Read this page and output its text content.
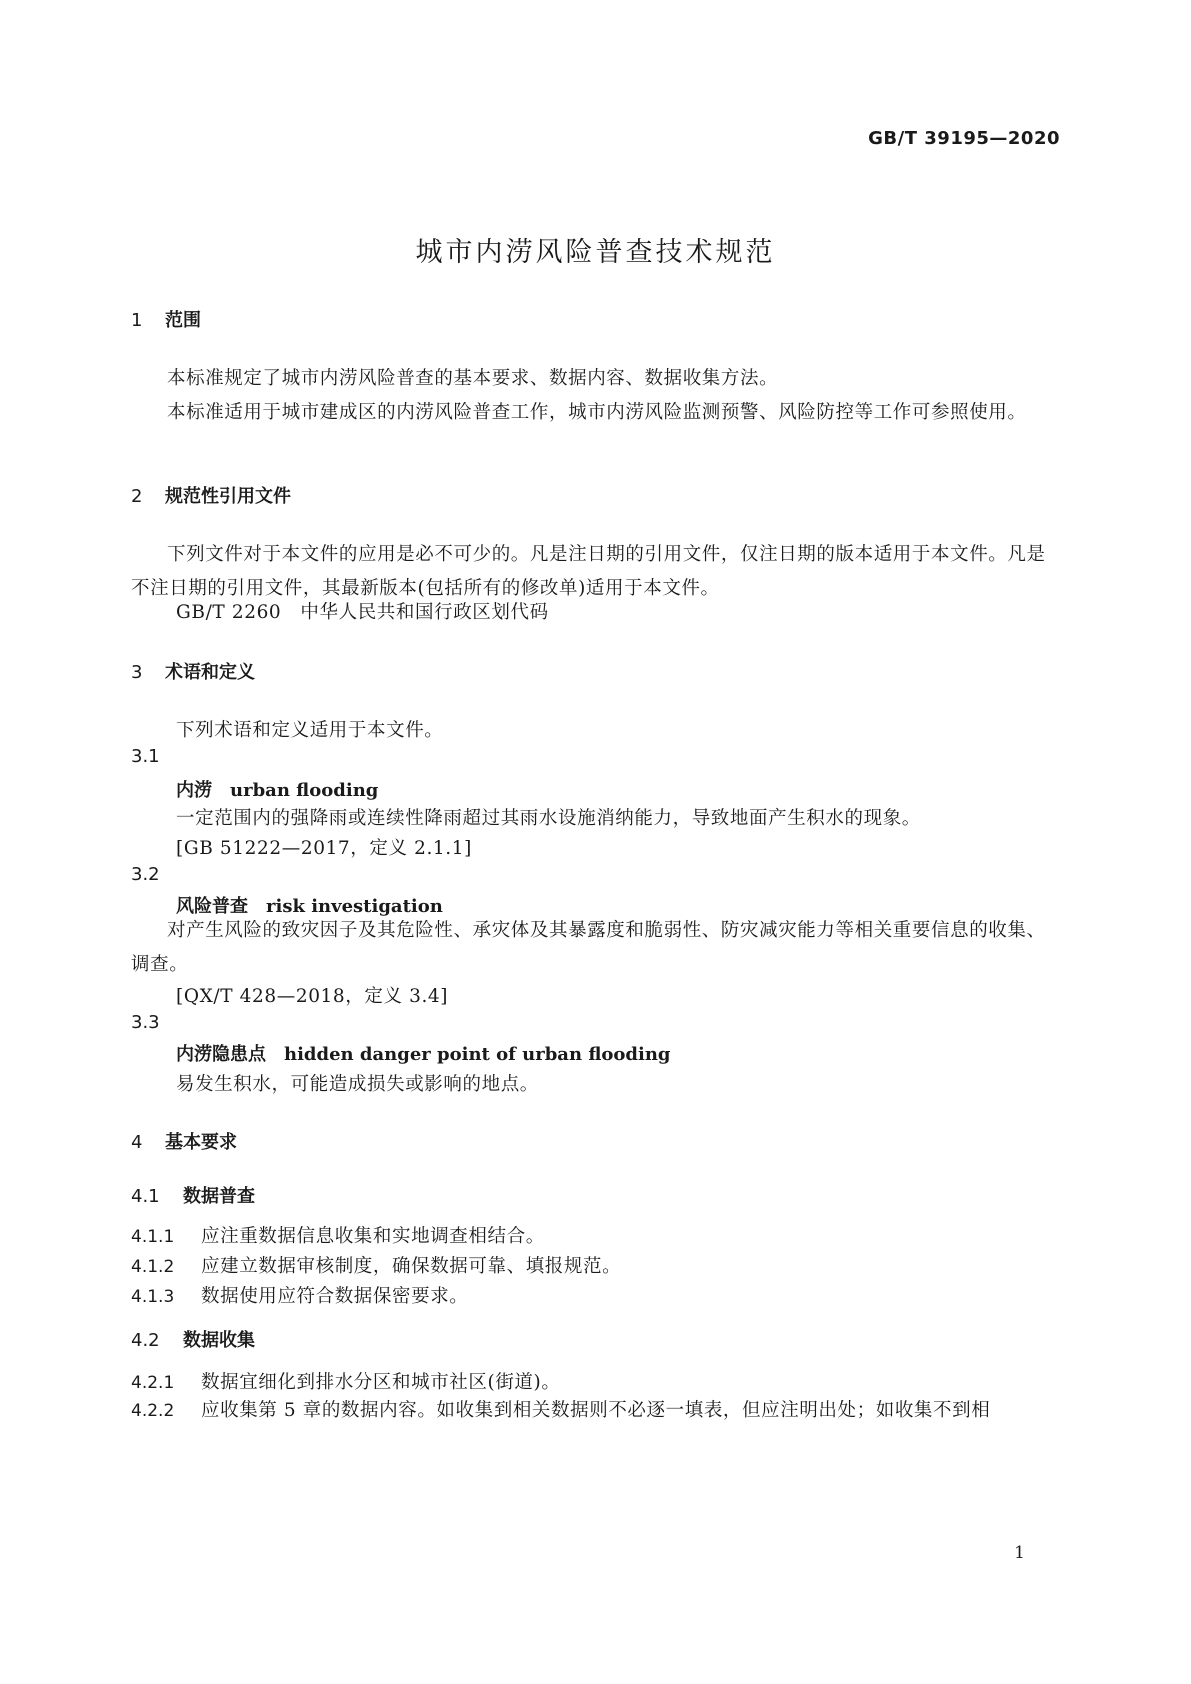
GB/T 39195—2020
城市内涝风险普查技术规范
1 范围
本标准规定了城市内涝风险普查的基本要求、数据内容、数据收集方法。
本标准适用于城市建成区的内涝风险普查工作，城市内涝风险监测预警、风险防控等工作可参照使用。
2 规范性引用文件
下列文件对于本文件的应用是必不可少的。凡是注日期的引用文件，仅注日期的版本适用于本文件。凡是不注日期的引用文件，其最新版本(包括所有的修改单)适用于本文件。
GB/T 2260　中华人民共和国行政区划代码
3 术语和定义
下列术语和定义适用于本文件。
3.1
内涝 urban flooding
一定范围内的强降雨或连续性降雨超过其雨水设施消纳能力，导致地面产生积水的现象。
[GB 51222—2017，定义 2.1.1]
3.2
风险普查 risk investigation
对产生风险的致灾因子及其危险性、承灾体及其暴露度和脆弱性、防灾减灾能力等相关重要信息的收集、调查。
[QX/T 428—2018，定义 3.4]
3.3
内涝隐患点 hidden danger point of urban flooding
易发生积水，可能造成损失或影响的地点。
4 基本要求
4.1 数据普查
4.1.1 应注重数据信息收集和实地调查相结合。
4.1.2 应建立数据审核制度，确保数据可靠、填报规范。
4.1.3 数据使用应符合数据保密要求。
4.2 数据收集
4.2.1 数据宜细化到排水分区和城市社区(街道)。
4.2.2 应收集第 5 章的数据内容。如收集到相关数据则不必逐一填表，但应注明出处；如收集不到相
1
